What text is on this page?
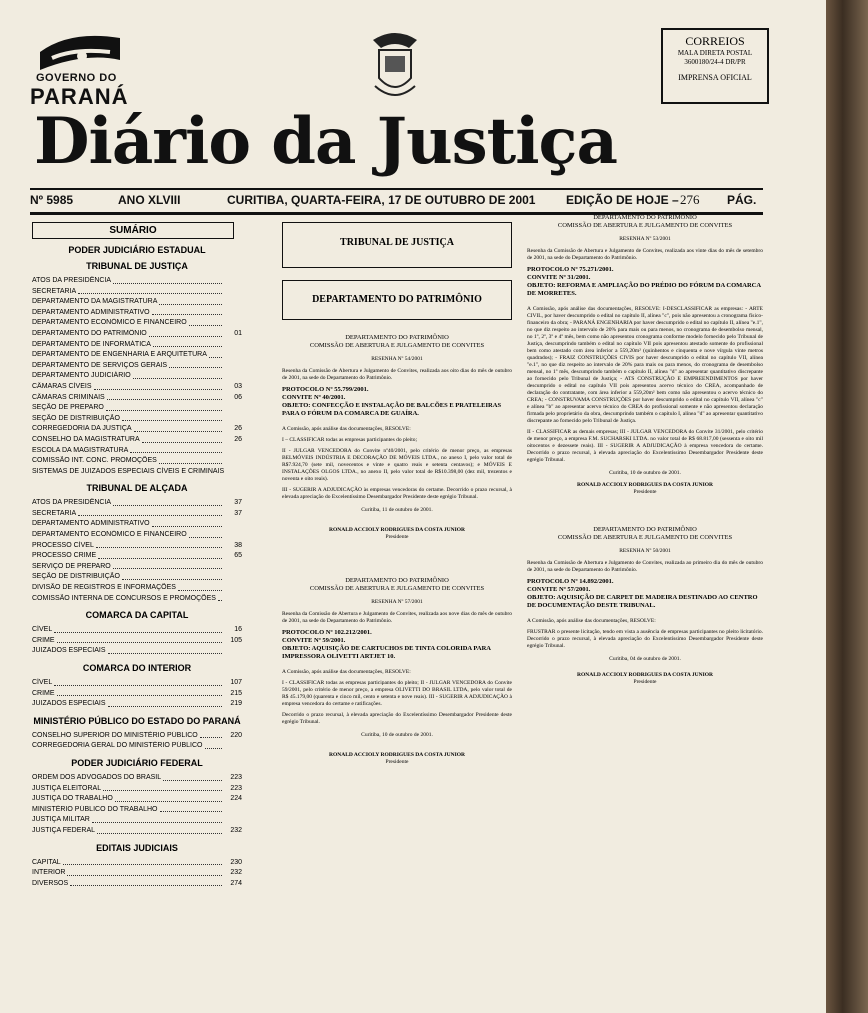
GOVERNO DO
PARANÁ
CORREIOS
MALA DIRETA POSTAL
3600180/24-4 DR/PR
IMPRENSA OFICIAL
Diário da Justiça
Nº 5985	ANO XLVIII	CURITIBA, QUARTA-FEIRA, 17 DE OUTUBRO DE 2001	EDIÇÃO DE HOJE – 276 PÁG.
SUMÁRIO
PODER JUDICIÁRIO ESTADUAL
TRIBUNAL DE JUSTIÇA
ATOS DA PRESIDÊNCIA
SECRETARIA
DEPARTAMENTO DA MAGISTRATURA
DEPARTAMENTO ADMINISTRATIVO
DEPARTAMENTO ECONÔMICO E FINANCEIRO
DEPARTAMENTO DO PATRIMÔNIO	01
DEPARTAMENTO DE INFORMÁTICA
DEPARTAMENTO DE ENGENHARIA E ARQUITETURA
DEPARTAMENTO DE SERVIÇOS GERAIS
DEPARTAMENTO JUDICIÁRIO
CÂMARAS CÍVEIS	03
CÂMARAS CRIMINAIS	06
SEÇÃO DE PREPARO
SEÇÃO DE DISTRIBUIÇÃO
CORREGEDORIA DA JUSTIÇA	26
CONSELHO DA MAGISTRATURA	26
ESCOLA DA MAGISTRATURA
COMISSÃO INT. CONC. PROMOÇÕES
SISTEMAS DE JUIZADOS ESPECIAIS CÍVEIS E CRIMINAIS
TRIBUNAL DE ALÇADA
ATOS DA PRESIDÊNCIA	37
SECRETARIA	37
DEPARTAMENTO ADMINISTRATIVO
DEPARTAMENTO ECONÔMICO E FINANCEIRO
PROCESSO CÍVEL	38
PROCESSO CRIME	65
SERVIÇO DE PREPARO
SEÇÃO DE DISTRIBUIÇÃO
DIVISÃO DE REGISTROS E INFORMAÇÕES
COMISSÃO INTERNA DE CONCURSOS E PROMOÇÕES
COMARCA DA CAPITAL
CÍVEL	16
CRIME	105
JUIZADOS ESPECIAIS
COMARCA DO INTERIOR
CÍVEL	107
CRIME	215
JUIZADOS ESPECIAIS	219
MINISTÉRIO PÚBLICO DO ESTADO DO PARANÁ
CONSELHO SUPERIOR DO MINISTÉRIO PÚBLICO	220
CORREGEDORIA GERAL DO MINISTÉRIO PÚBLICO
PODER JUDICIÁRIO FEDERAL
ORDEM DOS ADVOGADOS DO BRASIL	223
JUSTIÇA ELEITORAL	223
JUSTIÇA DO TRABALHO	224
MINISTÉRIO PÚBLICO DO TRABALHO
JUSTIÇA MILITAR
JUSTIÇA FEDERAL	232
EDITAIS JUDICIAIS
CAPITAL	230
INTERIOR	232
DIVERSOS	274
TRIBUNAL DE JUSTIÇA
DEPARTAMENTO DO PATRIMÔNIO
DEPARTAMENTO DO PATRIMÔNIO
COMISSÃO DE ABERTURA E JULGAMENTO DE CONVITES
RESENHA Nº 54/2001

Resenha da Comissão de Abertura e Julgamento de Convites, realizada aos oito dias do mês de outubro de 2001, na sede do Departamento do Patrimônio.

PROTOCOLO Nº 55.799/2001.
CONVITE Nº 40/2001.
OBJETO: CONFECÇÃO E INSTALAÇÃO DE BALCÕES E PRATELEIRAS PARA O FÓRUM DA COMARCA DE GUAÍRA.

A Comissão, após análise das documentações, RESOLVE:

I – CLASSIFICAR todas as empresas participantes do pleito;

II - JULGAR VENCEDORA do Convite nº40/2001, pelo critério de menor preço, as empresas BELMÓVEIS INDÚSTRIA E DECORAÇÃO DE MÓVEIS LTDA., no anexo I, pelo valor total de R$7.924,70 (sete mil, novecentos e vinte e quatro reais e setenta centavos); e MÓVEIS E INSTALAÇÕES OLGOS LTDA., no anexo II, pelo valor total de R$10.398,00 (dez mil, trezentos e noventa e oito reais).

III - SUGERIR A ADJUDICAÇÃO às empresas vencedoras do certame. Decorrido o prazo recursal, à elevada apreciação do Excelentíssimo Desembargador Presidente deste egrégio Tribunal.

Curitiba, 11 de outubro de 2001.
RONALD ACCIOLY RODRIGUES DA COSTA JUNIOR
Presidente
DEPARTAMENTO DO PATRIMÔNIO
COMISSÃO DE ABERTURA E JULGAMENTO DE CONVITES
RESENHA Nº 57/2001

Resenha da Comissão de Abertura e Julgamento de Convites, realizada aos nove dias do mês de outubro de 2001, na sede do Departamento do Patrimônio.

PROTOCOLO Nº 102.212/2001.
CONVITE Nº 59/2001.
OBJETO: AQUISIÇÃO DE CARTUCHOS DE TINTA COLORIDA PARA IMPRESSORA OLIVETTI ARTJET 10.

A Comissão, após análise das documentações, RESOLVE:

I - CLASSIFICAR todas as empresas participantes do pleito; II - JULGAR VENCEDORA do Convite 59/2001, pelo critério de menor preço, a empresa OLIVETTI DO BRASIL LTDA, pelo valor total de R$ 45.179,00 (quarenta e cinco mil, cento e setenta e nove reais). III - SUGERIR A ADJUDICAÇÃO à empresa vencedora do certame e ratificações.

Decorrido o prazo recursal, à elevada apreciação do Excelentíssimo Desembargador Presidente deste egrégio Tribunal.

Curitiba, 10 de outubro de 2001.
RONALD ACCIOLY RODRIGUES DA COSTA JUNIOR
Presidente
DEPARTAMENTO DO PATRIMÔNIO
COMISSÃO DE ABERTURA E JULGAMENTO DE CONVITES
RESENHA Nº 53/2001

Resenha da Comissão de Abertura e Julgamento de Convites, realizada aos vinte dias do mês de setembro de 2001, na sede do Departamento do Patrimônio.

PROTOCOLO Nº 75.271/2001.
CONVITE Nº 31/2001.
OBJETO: REFORMA E AMPLIAÇÃO DO PRÉDIO DO FÓRUM DA COMARCA DE MORRETES.

A Comissão, após análise das documentações, RESOLVE: I-DESCLASSIFICAR as empresas: - ARTE CIVIL, por haver descumprido o edital no capítulo II, alínea "c", pois não apresentou a cronograma físico-financeiro da obra; - PARANÁ ENGENHARIA por haver descumprido o edital no capítulo II, alínea "e.1", no que diz respeito ao intervalo de 20% para mais ou para menos, no cronograma de desembolso mensal, no 1º, 2º, 3º e 4º mês, bem como não apresentou cronograma conforme modelo fornecido pelo Tribunal de Justiça, descumprindo também o edital no capítulo VII pois apresentou atestado somente do profissional bem como atestado com área inferior a 559,20m² (quinhentos e cinquenta e nove vírgula vinte metros quadrados); - FRAIZ CONSTRUÇÕES CIVIS por haver descumprido o edital no capítulo VII, alínea "e.1", no que diz respeito ao intervalo de 20% para mais ou para menos, do cronograma de desembolso mensal, no 1º mês, descumprindo também o capítulo II, alínea "d" ao apresentar quantitativo discrepante ao fornecido pelo Tribunal de Justiça; - ATS CONSTRUÇÃO E EMPREENDIMENTOS por haver descumprido o edital no capítulo VII pois apresentou acervo técnico do CREA, acompanhado de declaração do contratante, com área inferior a 559,20m² bem como não apresentou o acervo técnico do CREA; - CONSTRUVAMA CONSTRUÇÕES por haver descumprido o edital no capítulo VII, alínea "c" e alínea "b" ao apresentar acervo técnico do CREA do profissional somente e não apresentou declaração firmada pelo proprietário da obra, descumprindo também o capítulo I, alínea "d" ao apresentar quantitativo discrepante ao fornecido pelo Tribunal de Justiça.

II - CLASSIFICAR as demais empresas; III - JULGAR VENCEDORA do Convite 31/2001, pelo critério de menor preço, a empresa F.M. SUCHARSKI LTDA. no valor total de R$ 68.817,00 (sessenta e oito mil oitocentos e dezessete reais). III - SUGERIR A ADJUDICAÇÃO à empresa vencedora do certame. Decorrido o prazo recursal, à elevada apreciação do Excelentíssimo Desembargador Presidente deste egrégio Tribunal.

Curitiba, 10 de outubro de 2001.
RONALD ACCIOLY RODRIGUES DA COSTA JUNIOR
Presidente
DEPARTAMENTO DO PATRIMÔNIO
COMISSÃO DE ABERTURA E JULGAMENTO DE CONVITES
RESENHA Nº 50/2001

Resenha da Comissão de Abertura e Julgamento de Convites, realizada ao primeiro dia do mês de outubro de 2001, na sede do Departamento do Patrimônio.

PROTOCOLO Nº 14.892/2001.
CONVITE Nº 57/2001.
OBJETO: AQUISIÇÃO DE CARPET DE MADEIRA DESTINADO AO CENTRO DE DOCUMENTAÇÃO DESTE TRIBUNAL.

A Comissão, após análise das documentações, RESOLVE:

FRUSTRAR o presente licitação, tendo em vista a ausência de empresas participantes no pleito licitatório. Decorrido o prazo recursal, à elevada apreciação do Excelentíssimo Desembargador Presidente deste egrégio Tribunal.

Curitiba, 04 de outubro de 2001.
RONALD ACCIOLY RODRIGUES DA COSTA JUNIOR
Presidente
